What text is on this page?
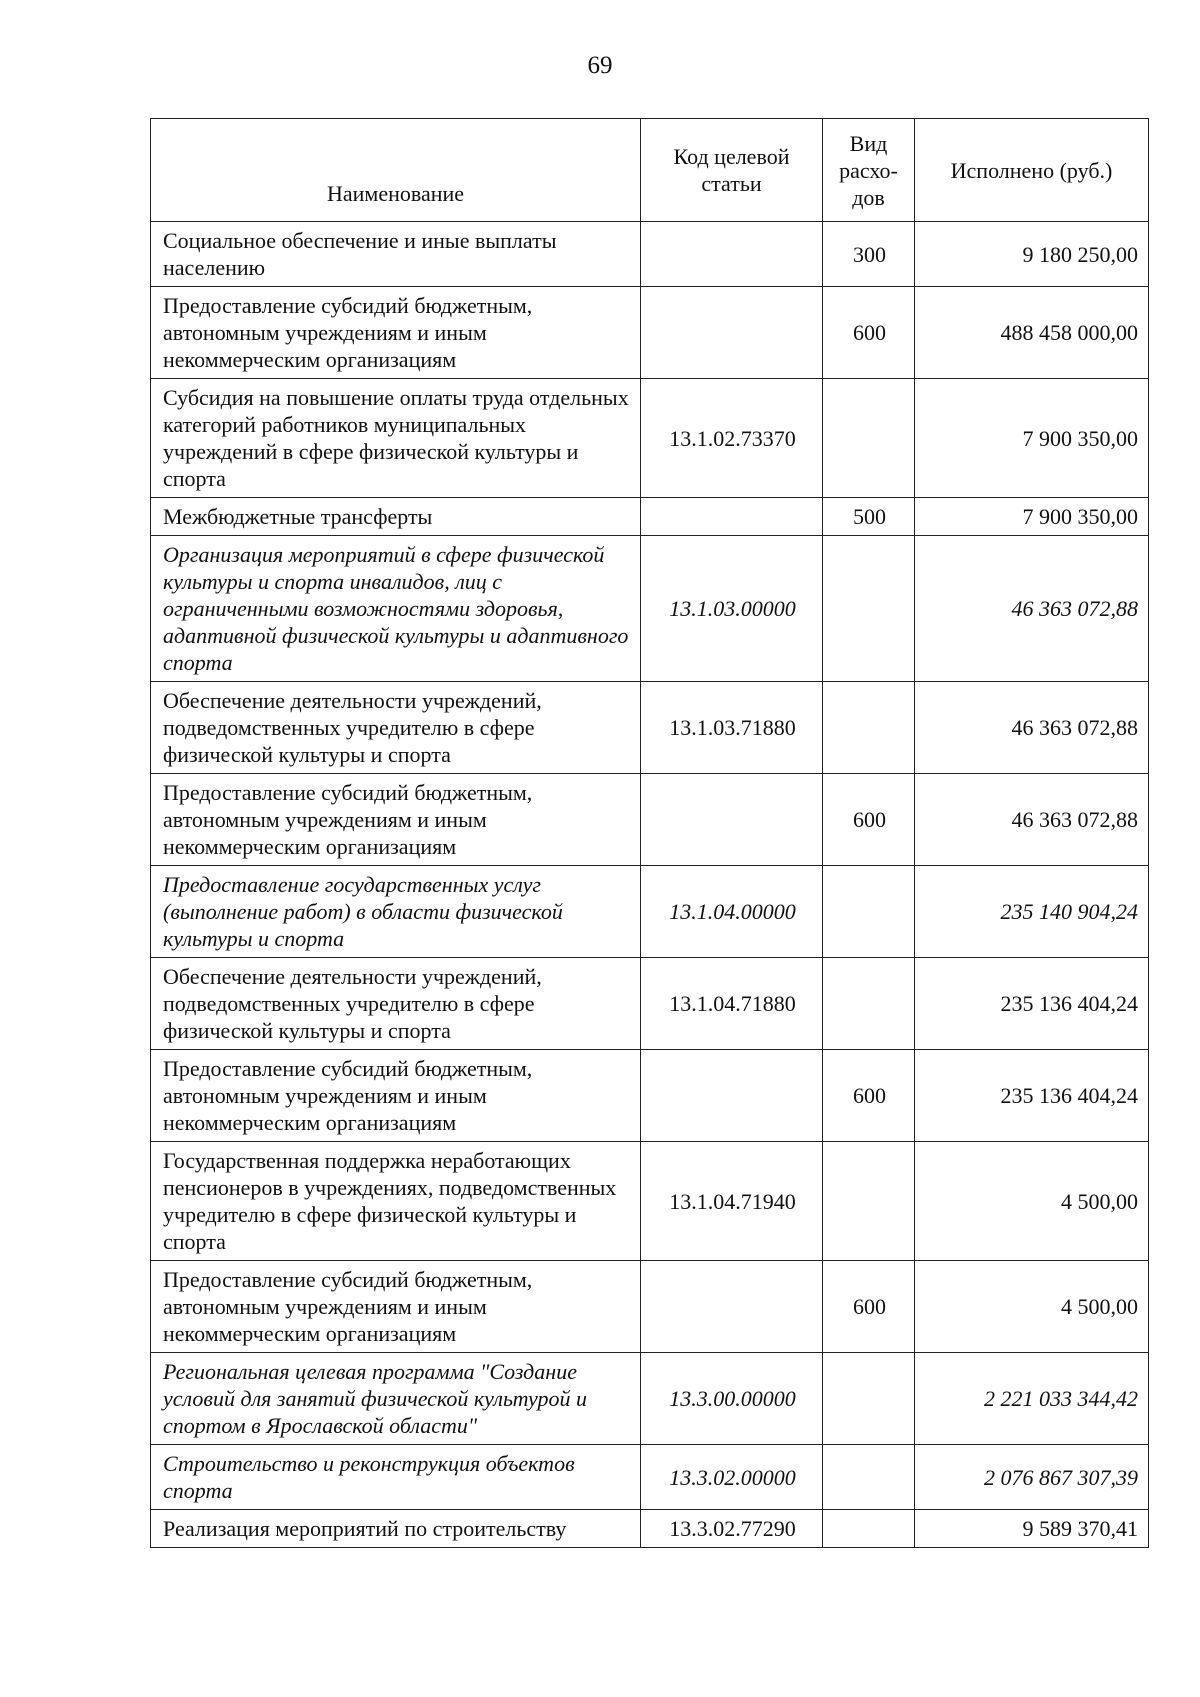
69
Наименование	Код целевой статьи	Вид расхо-дов	Исполнено (руб.)
Социальное обеспечение и иные выплаты населению		300	9 180 250,00
Предоставление субсидий бюджетным, автономным учреждениям и иным некоммерческим организациям		600	488 458 000,00
Субсидия на повышение оплаты труда отдельных категорий работников муниципальных учреждений в сфере физической культуры и спорта	13.1.02.73370		7 900 350,00
Межбюджетные трансферты		500	7 900 350,00
Организация мероприятий в сфере физической культуры и спорта инвалидов, лиц с ограниченными возможностями здоровья, адаптивной физической культуры и адаптивного спорта	13.1.03.00000		46 363 072,88
Обеспечение деятельности учреждений, подведомственных учредителю в сфере физической культуры и спорта	13.1.03.71880		46 363 072,88
Предоставление субсидий бюджетным, автономным учреждениям и иным некоммерческим организациям		600	46 363 072,88
Предоставление государственных услуг (выполнение работ) в области физической культуры и спорта	13.1.04.00000		235 140 904,24
Обеспечение деятельности учреждений, подведомственных учредителю в сфере физической культуры и спорта	13.1.04.71880		235 136 404,24
Предоставление субсидий бюджетным, автономным учреждениям и иным некоммерческим организациям		600	235 136 404,24
Государственная поддержка неработающих пенсионеров в учреждениях, подведомственных учредителю в сфере физической культуры и спорта	13.1.04.71940		4 500,00
Предоставление субсидий бюджетным, автономным учреждениям и иным некоммерческим организациям		600	4 500,00
Региональная целевая программа "Создание условий для занятий физической культурой и спортом в Ярославской области"	13.3.00.00000		2 221 033 344,42
Строительство и реконструкция объектов спорта	13.3.02.00000		2 076 867 307,39
Реализация мероприятий по строительству	13.3.02.77290		9 589 370,41
